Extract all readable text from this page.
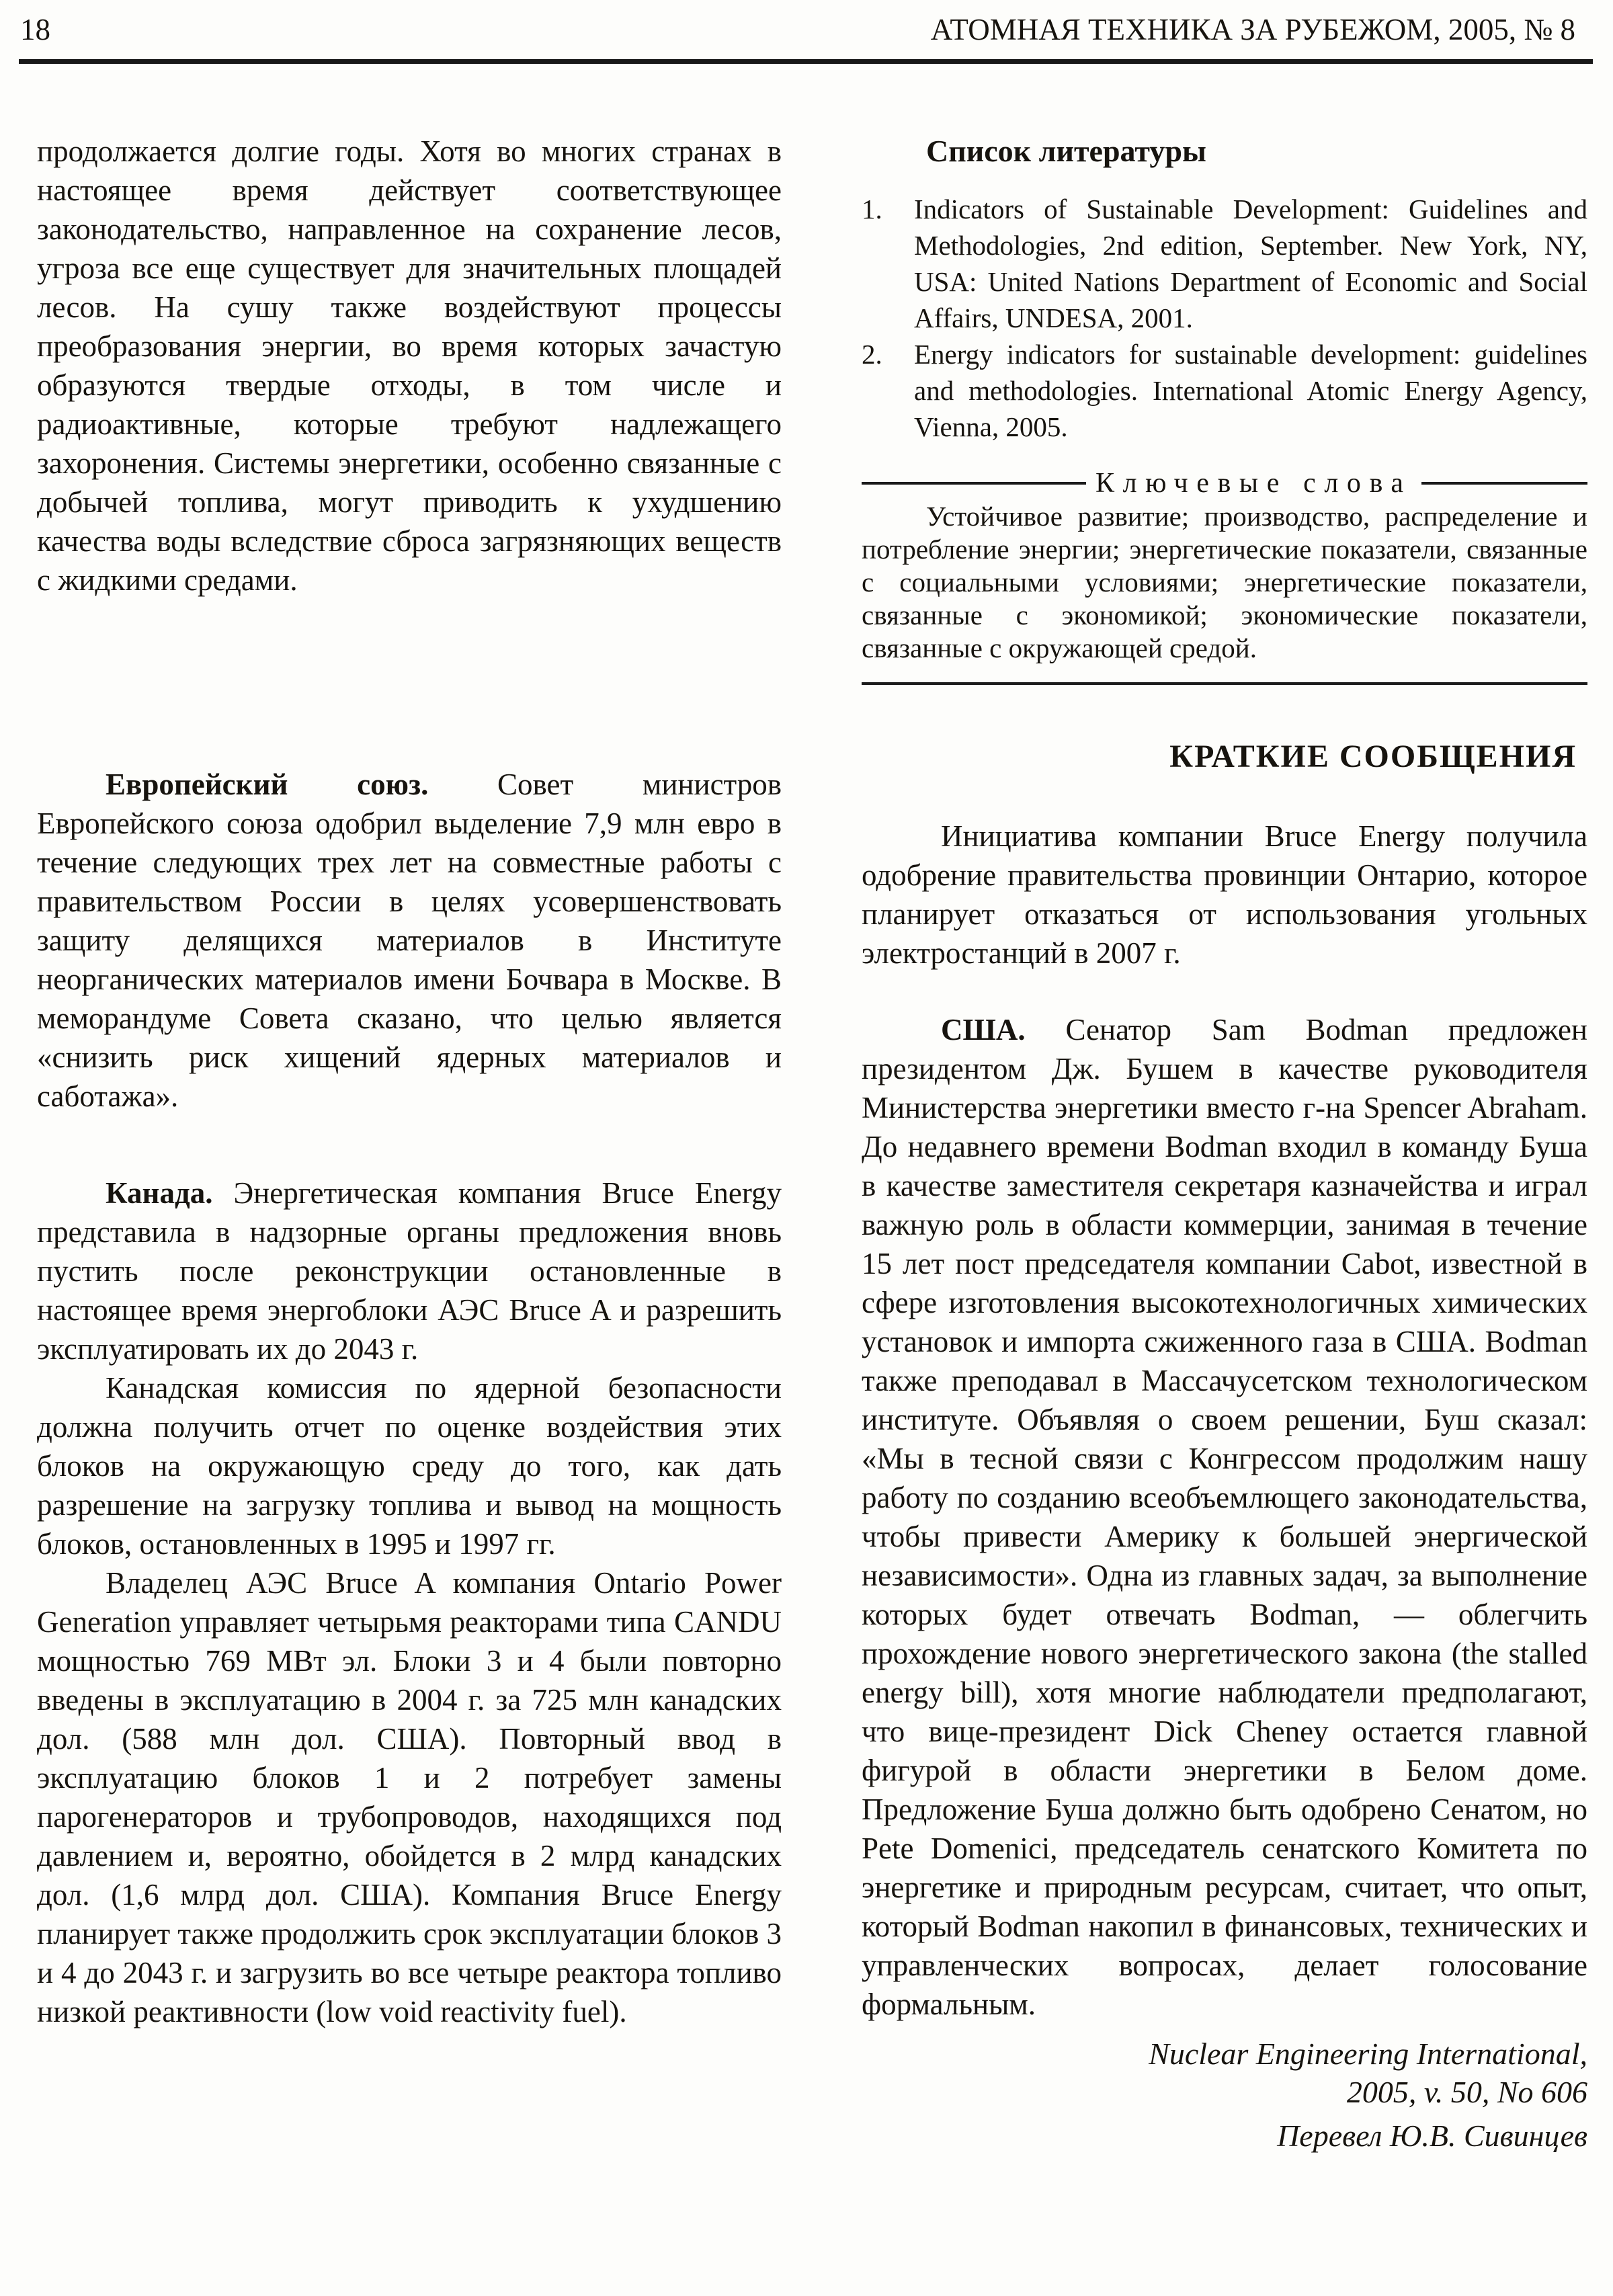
18	АТОМНАЯ ТЕХНИКА ЗА РУБЕЖОМ, 2005, № 8

продолжается долгие годы. Хотя во многих странах в настоящее время действует соответствующее законодательство, направленное на сохранение лесов, угроза все еще существует для значительных площадей лесов. На сушу также воздействуют процессы преобразования энергии, во время которых зачастую образуются твердые отходы, в том числе и радиоактивные, которые требуют надлежащего захоронения. Системы энергетики, особенно связанные с добычей топлива, могут приводить к ухудшению качества воды вследствие сброса загрязняющих веществ с жидкими средами.

Европейский союз. Совет министров Европейского союза одобрил выделение 7,9 млн евро в течение следующих трех лет на совместные работы с правительством России в целях усовершенствовать защиту делящихся материалов в Институте неорганических материалов имени Бочвара в Москве. В меморандуме Совета сказано, что целью является «снизить риск хищений ядерных материалов и саботажа».

Канада. Энергетическая компания Bruce Energy представила в надзорные органы предложения вновь пустить после реконструкции остановленные в настоящее время энергоблоки АЭС Bruce A и разрешить эксплуатировать их до 2043 г.

Канадская комиссия по ядерной безопасности должна получить отчет по оценке воздействия этих блоков на окружающую среду до того, как дать разрешение на загрузку топлива и вывод на мощность блоков, остановленных в 1995 и 1997 гг.

Владелец АЭС Bruce A компания Ontario Power Generation управляет четырьмя реакторами типа CANDU мощностью 769 МВт эл. Блоки 3 и 4 были повторно введены в эксплуатацию в 2004 г. за 725 млн канадских дол. (588 млн дол. США). Повторный ввод в эксплуатацию блоков 1 и 2 потребует замены парогенераторов и трубопроводов, находящихся под давлением и, вероятно, обойдется в 2 млрд канадских дол. (1,6 млрд дол. США). Компания Bruce Energy планирует также продолжить срок эксплуатации блоков 3 и 4 до 2043 г. и загрузить во все четыре реактора топливо низкой реактивности (low void reactivity fuel).

Список литературы
1.	Indicators of Sustainable Development: Guidelines and Methodologies, 2nd edition, September. New York, NY, USA: United Nations Department of Economic and Social Affairs, UNDESA, 2001.
2.	Energy indicators for sustainable development: guidelines and methodologies. International Atomic Energy Agency, Vienna, 2005.
Ключевые слова

Устойчивое развитие; производство, распределение и потребление энергии; энергетические показатели, связанные с социальными условиями; энергетические показатели, связанные с экономикой; экономические показатели, связанные с окружающей средой.

КРАТКИЕ СООБЩЕНИЯ

Инициатива компании Bruce Energy получила одобрение правительства провинции Онтарио, которое планирует отказаться от использования угольных электростанций в 2007 г.

США. Сенатор Sam Bodman предложен президентом Дж. Бушем в качестве руководителя Министерства энергетики вместо г-на Spencer Abraham. До недавнего времени Bodman входил в команду Буша в качестве заместителя секретаря казначейства и играл важную роль в области коммерции, занимая в течение 15 лет пост председателя компании Cabot, известной в сфере изготовления высокотехнологичных химических установок и импорта сжиженного газа в США. Bodman также преподавал в Массачусетском технологическом институте. Объявляя о своем решении, Буш сказал: «Мы в тесной связи с Конгрессом продолжим нашу работу по созданию всеобъемлющего законодательства, чтобы привести Америку к большей энергической независимости». Одна из главных задач, за выполнение которых будет отвечать Bodman, — облегчить прохождение нового энергетического закона (the stalled energy bill), хотя многие наблюдатели предполагают, что вице-президент Dick Cheney остается главной фигурой в области энергетики в Белом доме. Предложение Буша должно быть одобрено Сенатом, но Pete Domenici, председатель сенатского Комитета по энергетике и природным ресурсам, считает, что опыт, который Bodman накопил в финансовых, технических и управленческих вопросах, делает голосование формальным.

Nuclear Engineering International,
2005, v. 50, No 606
Перевел Ю.В. Сивинцев
